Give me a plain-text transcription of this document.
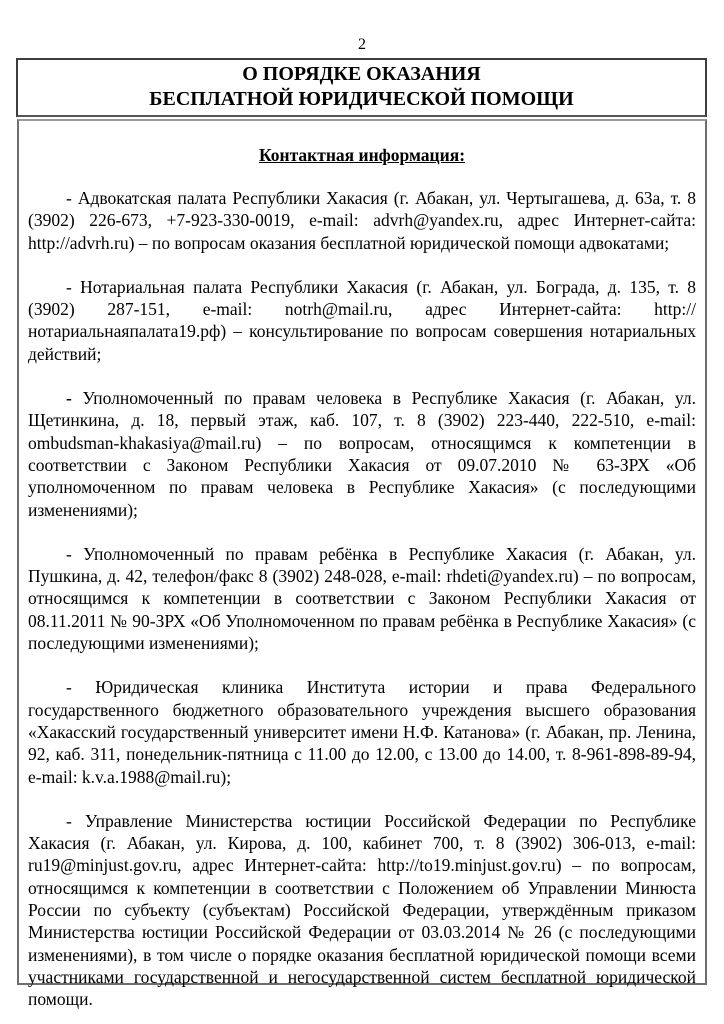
2
О ПОРЯДКЕ ОКАЗАНИЯ
БЕСПЛАТНОЙ ЮРИДИЧЕСКОЙ ПОМОЩИ
Контактная информация:

- Адвокатская палата Республики Хакасия (г. Абакан, ул. Чертыгашева, д. 63а, т. 8 (3902) 226-673, +7-923-330-0019, e-mail: advrh@yandex.ru, адрес Интернет-сайта: http://advrh.ru) – по вопросам оказания бесплатной юридической помощи адвокатами;

- Нотариальная палата Республики Хакасия (г. Абакан, ул. Бограда, д. 135, т. 8 (3902) 287-151, e-mail: notrh@mail.ru, адрес Интернет-сайта: http://нотариальнаяпалата19.рф) – консультирование по вопросам совершения нотариальных действий;

- Уполномоченный по правам человека в Республике Хакасия (г. Абакан, ул. Щетинкина, д. 18, первый этаж, каб. 107, т. 8 (3902) 223-440, 222-510, e-mail: ombudsman-khakasiya@mail.ru) – по вопросам, относящимся к компетенции в соответствии с Законом Республики Хакасия от 09.07.2010 № 63-ЗРХ «Об уполномоченном по правам человека в Республике Хакасия» (с последующими изменениями);

- Уполномоченный по правам ребёнка в Республике Хакасия (г. Абакан, ул. Пушкина, д. 42, телефон/факс 8 (3902) 248-028, e-mail: rhdeti@yandex.ru) – по вопросам, относящимся к компетенции в соответствии с Законом Республики Хакасия от 08.11.2011 № 90-ЗРХ «Об Уполномоченном по правам ребёнка в Республике Хакасия» (с последующими изменениями);

- Юридическая клиника Института истории и права Федерального государственного бюджетного образовательного учреждения высшего образования «Хакасский государственный университет имени Н.Ф. Катанова» (г. Абакан, пр. Ленина, 92, каб. 311, понедельник-пятница с 11.00 до 12.00, с 13.00 до 14.00, т. 8-961-898-89-94, e-mail: k.v.a.1988@mail.ru);

- Управление Министерства юстиции Российской Федерации по Республике Хакасия (г. Абакан, ул. Кирова, д. 100, кабинет 700, т. 8 (3902) 306-013, e-mail: ru19@minjust.gov.ru, адрес Интернет-сайта: http://to19.minjust.gov.ru) – по вопросам, относящимся к компетенции в соответствии с Положением об Управлении Минюста России по субъекту (субъектам) Российской Федерации, утверждённым приказом Министерства юстиции Российской Федерации от 03.03.2014 № 26 (с последующими изменениями), в том числе о порядке оказания бесплатной юридической помощи всеми участниками государственной и негосударственной систем бесплатной юридической помощи.
